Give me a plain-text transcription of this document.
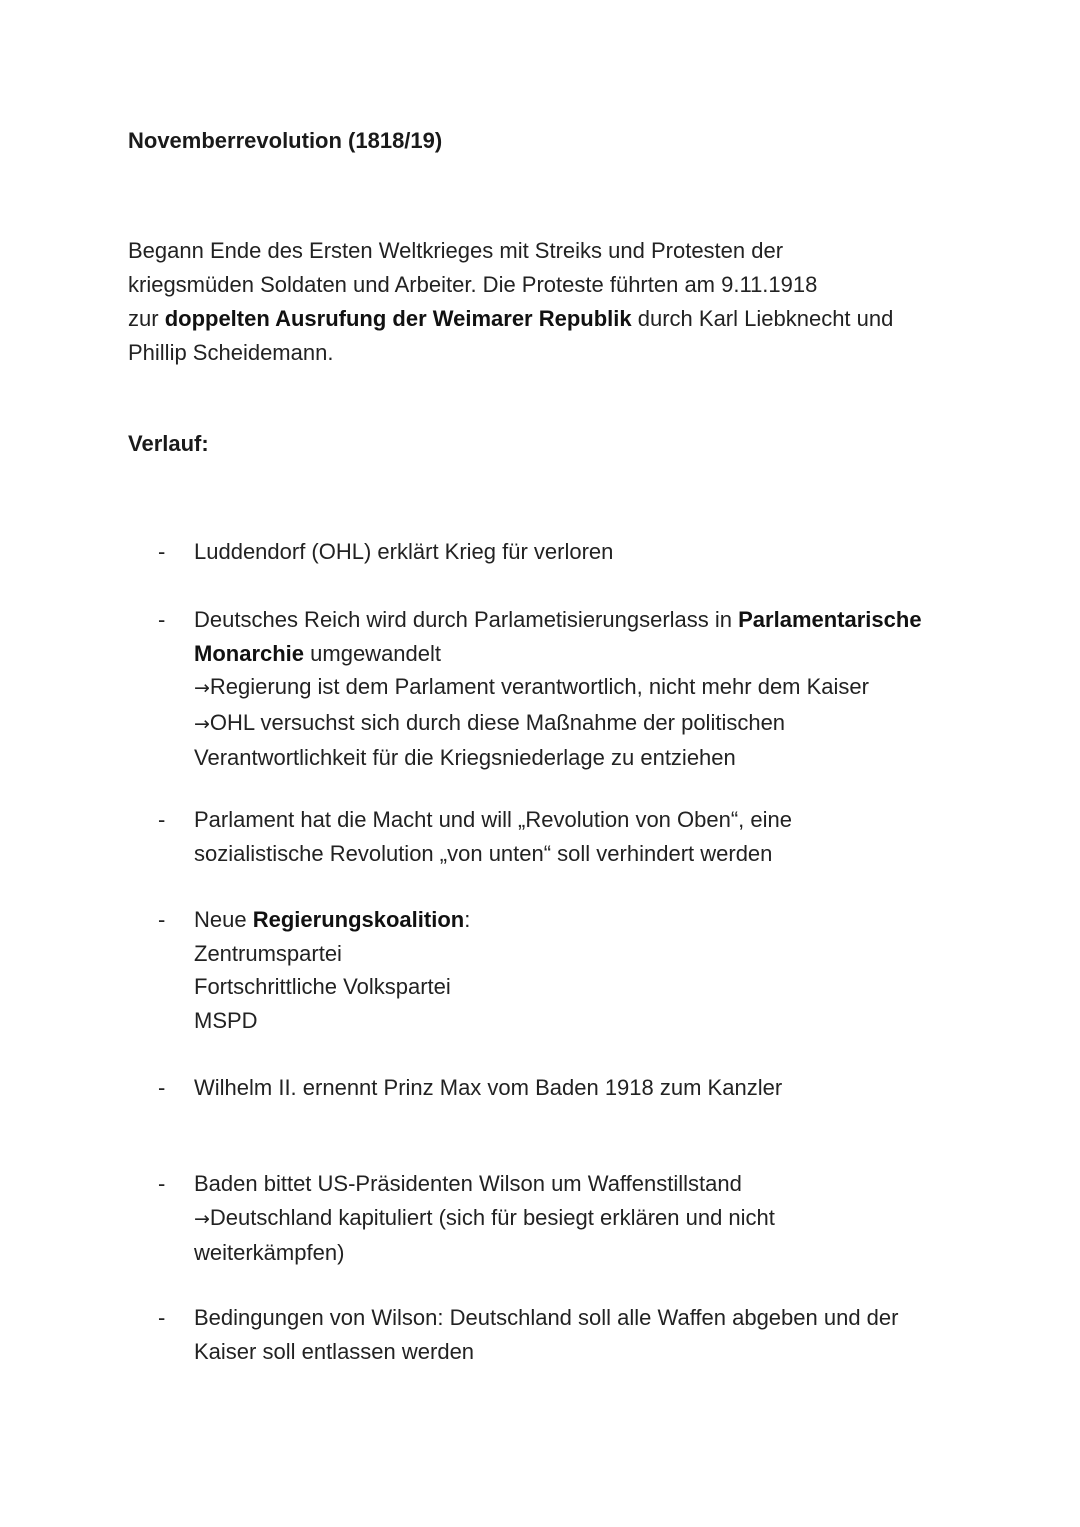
Novemberrevolution (1818/19)

Begann Ende des Ersten Weltkrieges mit Streiks und Protesten der

kriegsmüden Soldaten und Arbeiter. Die Proteste führten am 9.11.1918

zur doppelten Ausrufung der Weimarer Republik durch Karl Liebknecht und

Phillip Scheidemann.

Verlauf:
- Luddendorf (OHL) erklärt Krieg für verloren
- Deutsches Reich wird durch Parlametisierungserlass in Parlamentarische
Monarchie umgewandelt
→Regierung ist dem Parlament verantwortlich, nicht mehr dem Kaiser
→OHL versuchst sich durch diese Maßnahme der politischen
Verantwortlichkeit für die Kriegsniederlage zu entziehen
- Parlament hat die Macht und will „Revolution von Oben“, eine
sozialistische Revolution „von unten“ soll verhindert werden
- Neue Regierungskoalition:
Zentrumspartei
Fortschrittliche Volkspartei
MSPD
- Wilhelm II. ernennt Prinz Max vom Baden 1918 zum Kanzler
- Baden bittet US-Präsidenten Wilson um Waffenstillstand
→Deutschland kapituliert (sich für besiegt erklären und nicht
weiterkämpfen)
- Bedingungen von Wilson: Deutschland soll alle Waffen abgeben und der
Kaiser soll entlassen werden
